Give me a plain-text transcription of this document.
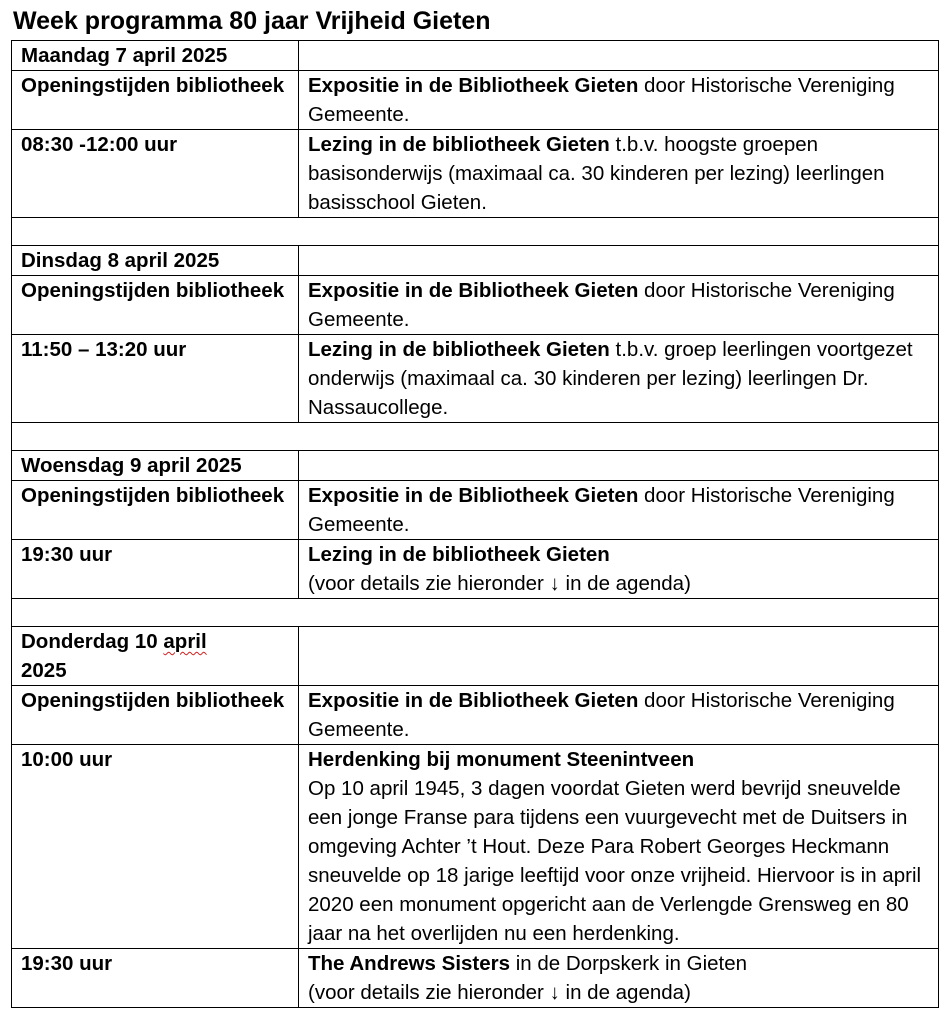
Week programma 80 jaar Vrijheid Gieten
Maandag 7 april 2025	
Openingstijden bibliotheek	Expositie in de Bibliotheek Gieten door Historische Vereniging Gemeente.
08:30 -12:00 uur	Lezing in de bibliotheek Gieten t.b.v. hoogste groepen basisonderwijs (maximaal ca. 30 kinderen per lezing) leerlingen basisschool Gieten.

Dinsdag 8 april 2025	
Openingstijden bibliotheek	Expositie in de Bibliotheek Gieten door Historische Vereniging Gemeente.
11:50 – 13:20 uur	Lezing in de bibliotheek Gieten t.b.v. groep leerlingen voortgezet onderwijs (maximaal ca. 30 kinderen per lezing) leerlingen Dr. Nassaucollege.

Woensdag 9 april 2025	
Openingstijden bibliotheek	Expositie in de Bibliotheek Gieten door Historische Vereniging Gemeente.
19:30 uur	Lezing in de bibliotheek Gieten
(voor details zie hieronder ↓ in de agenda)

Donderdag 10 april
2025	
Openingstijden bibliotheek	Expositie in de Bibliotheek Gieten door Historische Vereniging Gemeente.
10:00 uur	Herdenking bij monument Steenintveen
Op 10 april 1945, 3 dagen voordat Gieten werd bevrijd sneuvelde een jonge Franse para tijdens een vuurgevecht met de Duitsers in omgeving Achter ’t Hout. Deze Para Robert Georges Heckmann sneuvelde op 18 jarige leeftijd voor onze vrijheid. Hiervoor is in april 2020 een monument opgericht aan de Verlengde Grensweg en 80 jaar na het overlijden nu een herdenking.
19:30 uur	The Andrews Sisters in de Dorpskerk in Gieten
(voor details zie hieronder ↓ in de agenda)
